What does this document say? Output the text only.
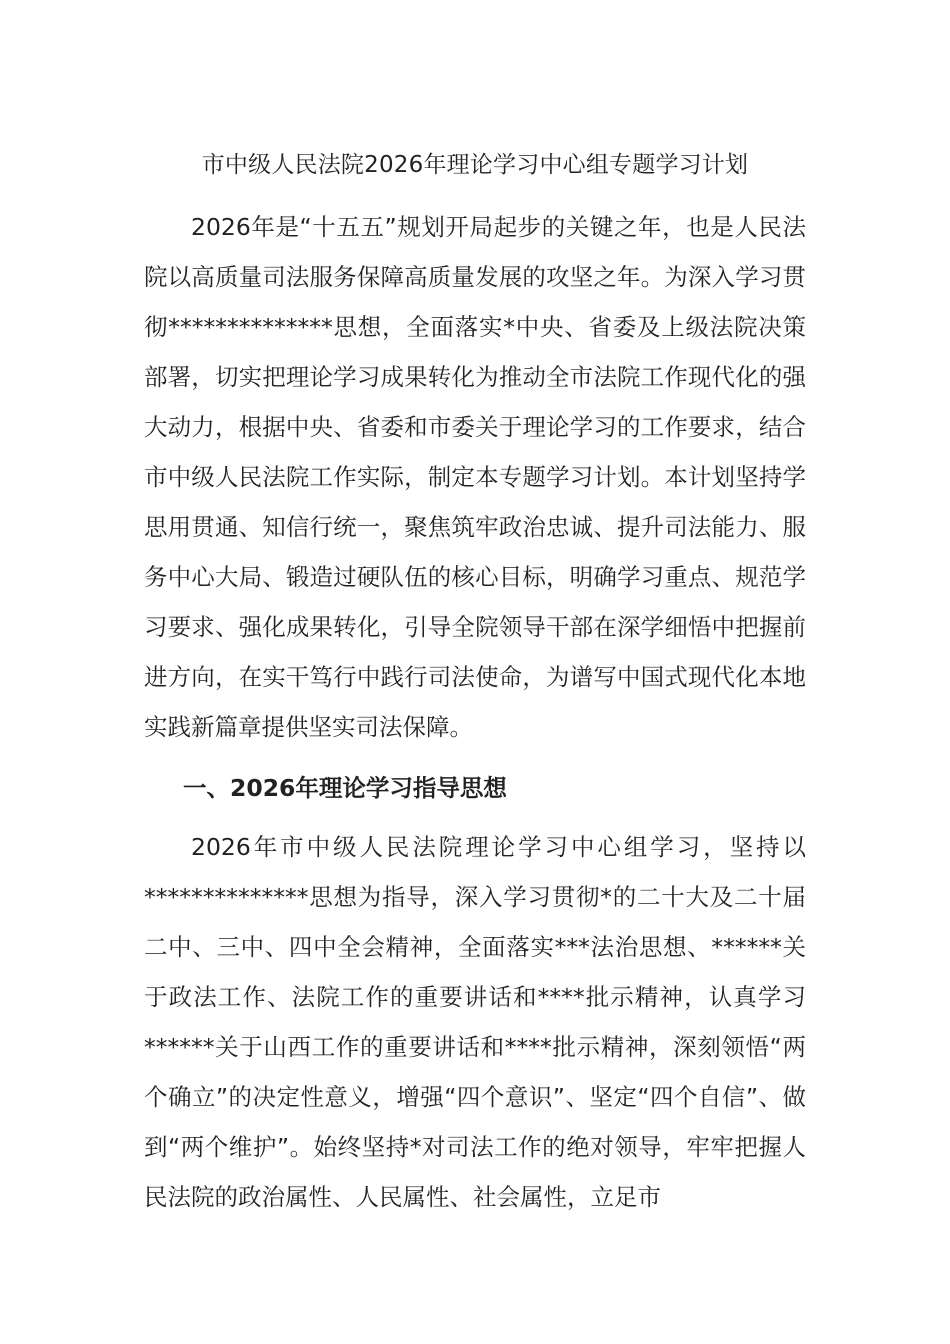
市中级人民法院2026年理论学习中心组专题学习计划

2026年是“十五五”规划开局起步的关键之年，也是人民法院以高质量司法服务保障高质量发展的攻坚之年。为深入学习贯彻**************思想，全面落实*中央、省委及上级法院决策部署，切实把理论学习成果转化为推动全市法院工作现代化的强大动力，根据中央、省委和市委关于理论学习的工作要求，结合市中级人民法院工作实际，制定本专题学习计划。本计划坚持学思用贯通、知信行统一，聚焦筑牢政治忠诚、提升司法能力、服务中心大局、锻造过硬队伍的核心目标，明确学习重点、规范学习要求、强化成果转化，引导全院领导干部在深学细悟中把握前进方向，在实干笃行中践行司法使命，为谱写中国式现代化本地实践新篇章提供坚实司法保障。

一、2026年理论学习指导思想

2026年市中级人民法院理论学习中心组学习，坚持以**************思想为指导，深入学习贯彻*的二十大及二十届二中、三中、四中全会精神，全面落实***法治思想、******关于政法工作、法院工作的重要讲话和****批示精神，认真学习******关于山西工作的重要讲话和****批示精神，深刻领悟“两个确立”的决定性意义，增强“四个意识”、坚定“四个自信”、做到“两个维护”。始终坚持*对司法工作的绝对领导，牢牢把握人民法院的政治属性、人民属性、社会属性，立足市
